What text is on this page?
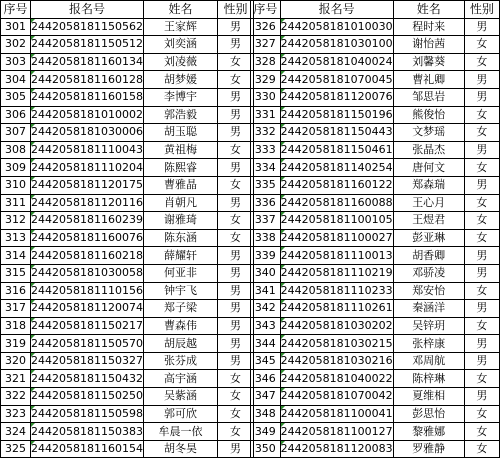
序号	报名号	姓名	性别
301	2442058181150562	王家辉	男
302	2442058181150512	刘奕涵	男
303	2442058181160134	刘凌薇	女
304	2442058181160128	胡梦媛	女
305	2442058181160158	李博宇	男
306	2442058181010002	郭浩毅	男
307	2442058181030006	胡玉聪	男
308	2442058181110043	黄祖梅	女
309	2442058181110204	陈熙睿	男
310	2442058181120175	曹雅晶	女
311	2442058181120116	肖朝凡	男
312	2442058181160239	谢雅琦	女
313	2442058181160076	陈东涵	女
314	2442058181160218	薛耀轩	男
315	2442058181030058	何亚非	男
316	2442058181110156	钟宇飞	男
317	2442058181120074	郑子梁	男
318	2442058181150217	曹森伟	男
319	2442058181150570	胡辰越	男
320	2442058181150327	张芬成	男
321	2442058181150432	高宇涵	女
322	2442058181150250	吴紫涵	女
323	2442058181150598	郭可欣	女
324	2442058181150383	牟晨一依	女
325	2442058181160154	胡冬昊	男
序号	报名号	姓名	性别
326	2442058181010030	程时来	男
327	2442058181030100	谢怡茜	女
328	2442058181040024	刘馨葵	女
329	2442058181070045	曹礼卿	男
330	2442058181120076	邹思岩	男
331	2442058181150196	熊俊怡	女
332	2442058181150443	文梦瑶	女
333	2442058181150461	张晶杰	男
334	2442058181140254	唐何文	女
335	2442058181160122	郑森瑞	男
336	2442058181160088	王心月	女
337	2442058181100105	王煜君	女
338	2442058181100027	彭亚琳	女
339	2442058181110013	胡香卿	男
340	2442058181110219	邓骄凌	男
341	2442058181110233	郑安怡	女
342	2442058181110261	秦涵洋	男
343	2442058181030202	吴锌玥	女
344	2442058181030215	张梓康	男
345	2442058181030216	邓周航	男
346	2442058181040022	陈梓琳	女
347	2442058181070042	夏维相	男
348	2442058181100041	彭思怡	女
349	2442058181100127	黎雅娜	女
350	2442058181120083	罗雅静	女
